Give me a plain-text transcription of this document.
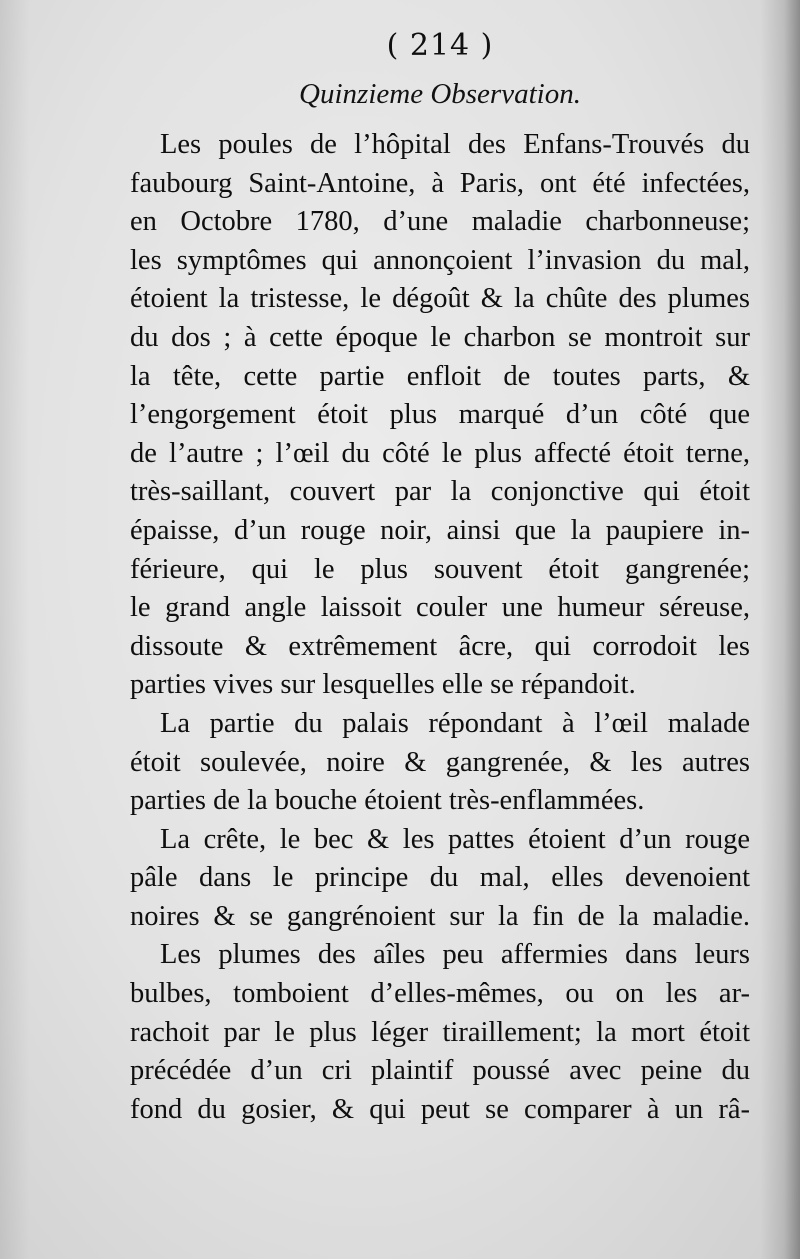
( 214 )
Quinzieme Observation.
Les poules de l’hôpital des Enfans-Trouvés du
faubourg Saint-Antoine, à Paris, ont été infectées,
en Octobre 1780, d’une maladie charbonneuse;
les symptômes qui annonçoient l’invasion du mal,
étoient la tristesse, le dégoût & la chûte des plumes
du dos ; à cette époque le charbon se montroit sur
la tête, cette partie enfloit de toutes parts, &
l’engorgement étoit plus marqué d’un côté que
de l’autre ; l’œil du côté le plus affecté étoit terne,
très-saillant, couvert par la conjonctive qui étoit
épaisse, d’un rouge noir, ainsi que la paupiere in-
férieure, qui le plus souvent étoit gangrenée;
le grand angle laissoit couler une humeur séreuse,
dissoute & extrêmement âcre, qui corrodoit les
parties vives sur lesquelles elle se répandoit.
La partie du palais répondant à l’œil malade
étoit soulevée, noire & gangrenée, & les autres
parties de la bouche étoient très-enflammées.
La crête, le bec & les pattes étoient d’un rouge
pâle dans le principe du mal, elles devenoient
noires & se gangrénoient sur la fin de la maladie.
Les plumes des aîles peu affermies dans leurs
bulbes, tomboient d’elles-mêmes, ou on les ar-
rachoit par le plus léger tiraillement; la mort étoit
précédée d’un cri plaintif poussé avec peine du
fond du gosier, & qui peut se comparer à un râ-
